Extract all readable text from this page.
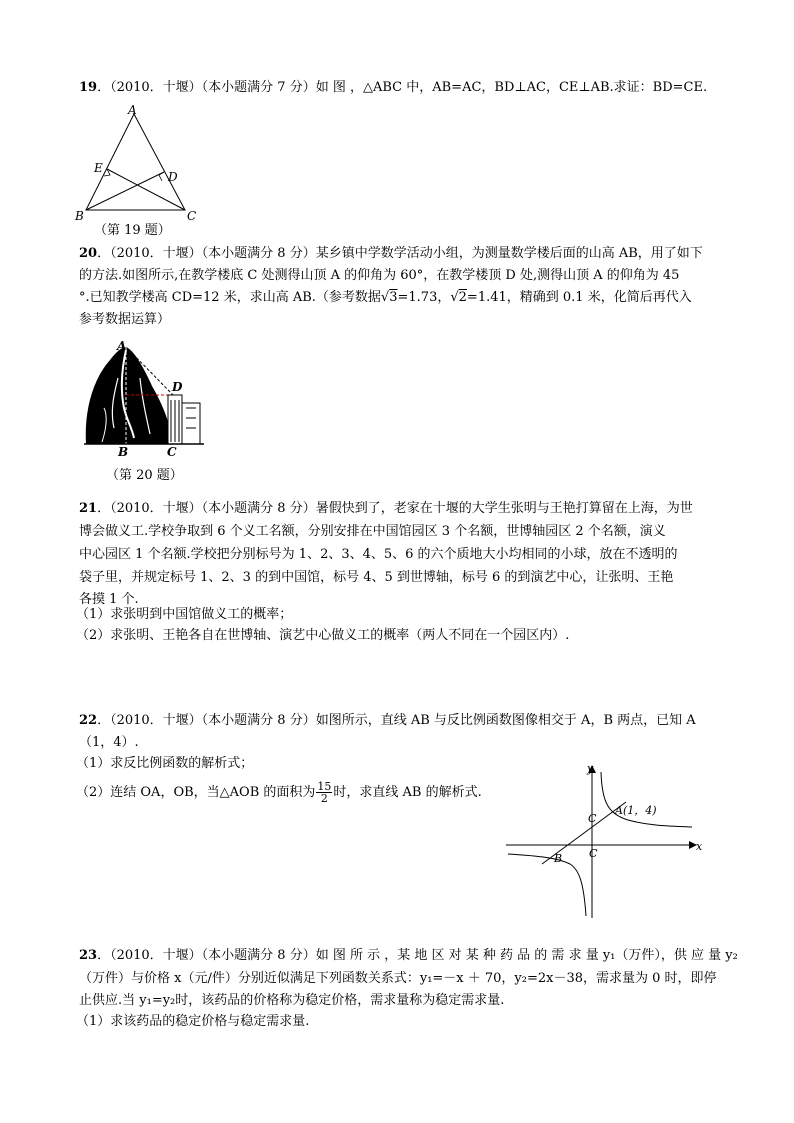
19．（2010．十堰）（本小题满分 7 分）如 图 ，△ABC 中，AB=AC，BD⊥AC，CE⊥AB.求证：BD=CE.
A
B	C
D
E
（第 19 题）
20．（2010．十堰）（本小题满分 8 分）某乡镇中学数学活动小组，为测量数学楼后面的山高 AB，用了如下
的方法.如图所示,在教学楼底 C 处测得山顶 A 的仰角为 60°，在教学楼顶 D 处,测得山顶 A 的仰角为 45
°.已知教学楼高 CD=12 米，求山高 AB.（参考数据√3=1.73，√2=1.41，精确到 0.1 米，化简后再代入
参考数据运算）
A
B	C
D
（第 20 题）
21．（2010．十堰）（本小题满分 8 分）暑假快到了，老家在十堰的大学生张明与王艳打算留在上海，为世
博会做义工.学校争取到 6 个义工名额，分别安排在中国馆园区 3 个名额，世博轴园区 2 个名额，演义
中心园区 1 个名额.学校把分别标号为 1、2、3、4、5、6 的六个质地大小均相同的小球，放在不透明的
袋子里，并规定标号 1、2、3 的到中国馆，标号 4、5 到世博轴，标号 6 的到演艺中心，让张明、王艳
各摸 1 个.
（1）求张明到中国馆做义工的概率；
（2）求张明、王艳各自在世博轴、演艺中心做义工的概率（两人不同在一个园区内）.
22．（2010．十堰）（本小题满分 8 分）如图所示，直线 AB 与反比例函数图像相交于 A，B 两点，已知 A
（1，4）.
（1）求反比例函数的解析式；
（2）连结 OA，OB，当△AOB 的面积为 $\frac{15}{2}$ 时，求直线 AB 的解析式.
y
x
A(1，4)
C
B C
23．（2010．十堰）（本小题满分 8 分）如 图 所 示 ，某 地 区 对 某 种 药 品 的 需 求 量 y₁（万件），供 应 量 y₂
（万件）与价格 x（元/件）分别近似满足下列函数关系式：y₁=－x ＋ 70，y₂=2x－38，需求量为 0 时，即停
止供应.当 y₁=y₂时，该药品的价格称为稳定价格，需求量称为稳定需求量.
（1）求该药品的稳定价格与稳定需求量.
